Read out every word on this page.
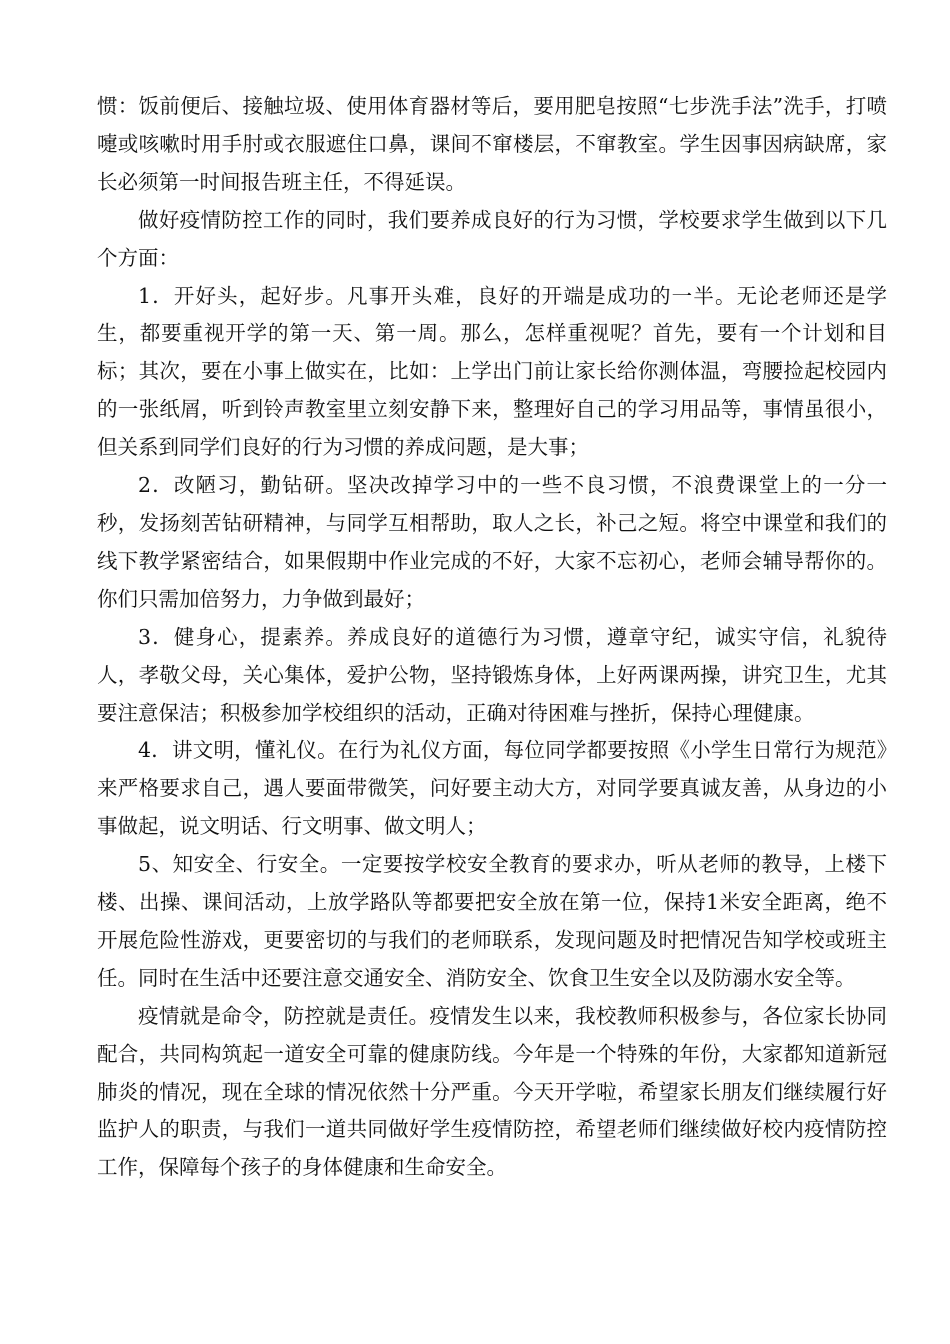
惯：饭前便后、接触垃圾、使用体育器材等后，要用肥皂按照“七步洗手法”洗手，打喷嚏或咳嗽时用手肘或衣服遮住口鼻，课间不窜楼层，不窜教室。学生因事因病缺席，家长必须第一时间报告班主任，不得延误。

做好疫情防控工作的同时，我们要养成良好的行为习惯，学校要求学生做到以下几个方面：

1．开好头，起好步。凡事开头难，良好的开端是成功的一半。无论老师还是学生，都要重视开学的第一天、第一周。那么，怎样重视呢？首先，要有一个计划和目标；其次，要在小事上做实在，比如：上学出门前让家长给你测体温，弯腰捡起校园内的一张纸屑，听到铃声教室里立刻安静下来，整理好自己的学习用品等，事情虽很小，但关系到同学们良好的行为习惯的养成问题，是大事；

2．改陋习，勤钻研。坚决改掉学习中的一些不良习惯，不浪费课堂上的一分一秒，发扬刻苦钻研精神，与同学互相帮助，取人之长，补己之短。将空中课堂和我们的线下教学紧密结合，如果假期中作业完成的不好，大家不忘初心，老师会辅导帮你的。你们只需加倍努力，力争做到最好；

3．健身心，提素养。养成良好的道德行为习惯，遵章守纪，诚实守信，礼貌待人，孝敬父母，关心集体，爱护公物，坚持锻炼身体，上好两课两操，讲究卫生，尤其要注意保洁；积极参加学校组织的活动，正确对待困难与挫折，保持心理健康。

4．讲文明，懂礼仪。在行为礼仪方面，每位同学都要按照《小学生日常行为规范》来严格要求自己，遇人要面带微笑，问好要主动大方，对同学要真诚友善，从身边的小事做起，说文明话、行文明事、做文明人；

5、知安全、行安全。一定要按学校安全教育的要求办，听从老师的教导，上楼下楼、出操、课间活动，上放学路队等都要把安全放在第一位，保持1米安全距离，绝不开展危险性游戏，更要密切的与我们的老师联系，发现问题及时把情况告知学校或班主任。同时在生活中还要注意交通安全、消防安全、饮食卫生安全以及防溺水安全等。

疫情就是命令，防控就是责任。疫情发生以来，我校教师积极参与，各位家长协同配合，共同构筑起一道安全可靠的健康防线。今年是一个特殊的年份，大家都知道新冠肺炎的情况，现在全球的情况依然十分严重。今天开学啦，希望家长朋友们继续履行好监护人的职责，与我们一道共同做好学生疫情防控，希望老师们继续做好校内疫情防控工作，保障每个孩子的身体健康和生命安全。
